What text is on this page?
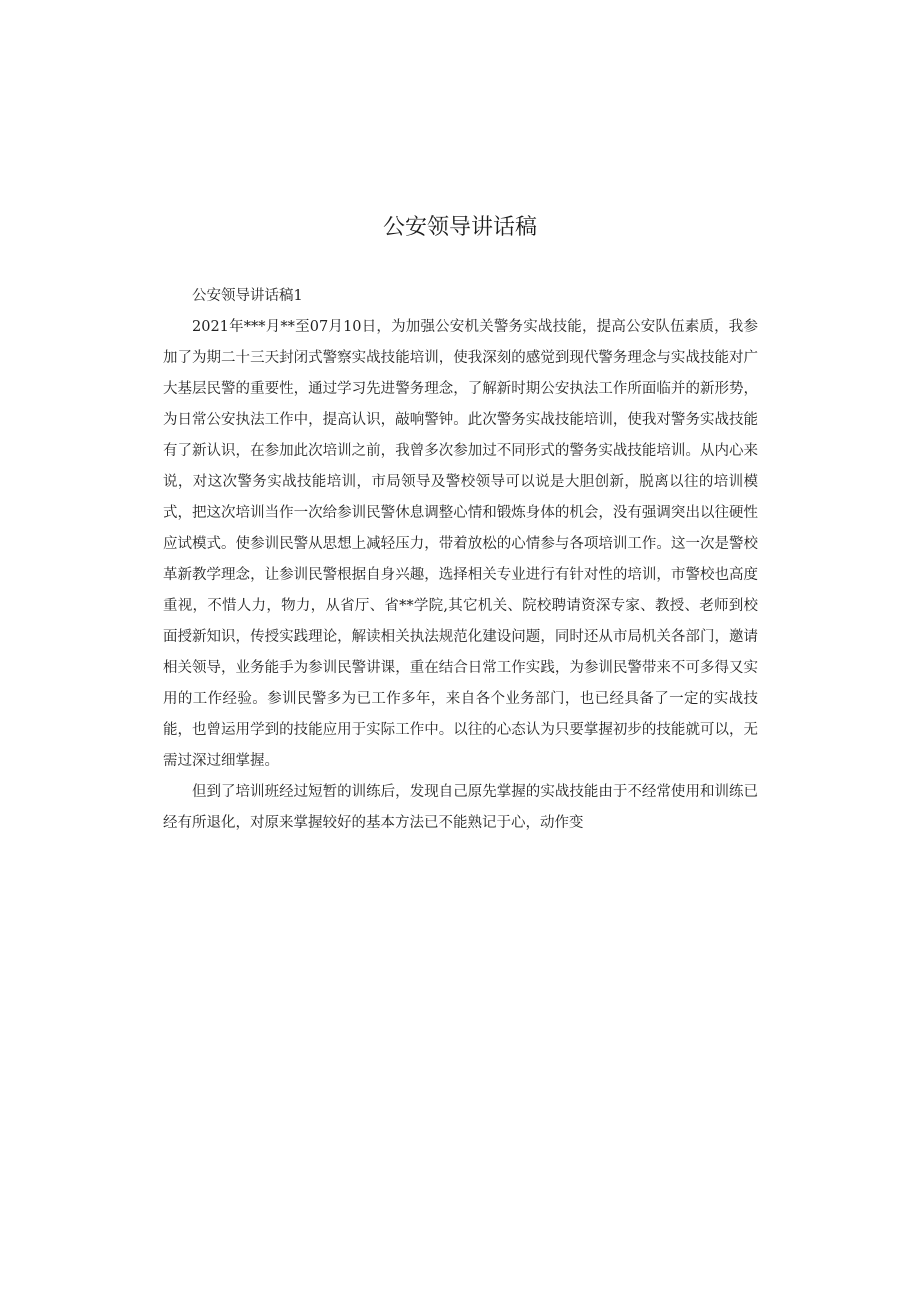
公安领导讲话稿

公安领导讲话稿1

2021年***月**至07月10日，为加强公安机关警务实战技能，提高公安队伍素质，我参加了为期二十三天封闭式警察实战技能培训，使我深刻的感觉到现代警务理念与实战技能对广大基层民警的重要性，通过学习先进警务理念，了解新时期公安执法工作所面临并的新形势，为日常公安执法工作中，提高认识，敲响警钟。此次警务实战技能培训，使我对警务实战技能有了新认识，在参加此次培训之前，我曾多次参加过不同形式的警务实战技能培训。从内心来说，对这次警务实战技能培训，市局领导及警校领导可以说是大胆创新，脱离以往的培训模式，把这次培训当作一次给参训民警休息调整心情和锻炼身体的机会，没有强调突出以往硬性应试模式。使参训民警从思想上减轻压力，带着放松的心情参与各项培训工作。这一次是警校革新教学理念，让参训民警根据自身兴趣，选择相关专业进行有针对性的培训，市警校也高度重视，不惜人力，物力，从省厅、省**学院,其它机关、院校聘请资深专家、教授、老师到校面授新知识，传授实践理论，解读相关执法规范化建设问题，同时还从市局机关各部门，邀请相关领导，业务能手为参训民警讲课，重在结合日常工作实践，为参训民警带来不可多得又实用的工作经验。参训民警多为已工作多年，来自各个业务部门，也已经具备了一定的实战技能，也曾运用学到的技能应用于实际工作中。以往的心态认为只要掌握初步的技能就可以，无需过深过细掌握。

但到了培训班经过短暂的训练后，发现自己原先掌握的实战技能由于不经常使用和训练已经有所退化，对原来掌握较好的基本方法已不能熟记于心，动作变
